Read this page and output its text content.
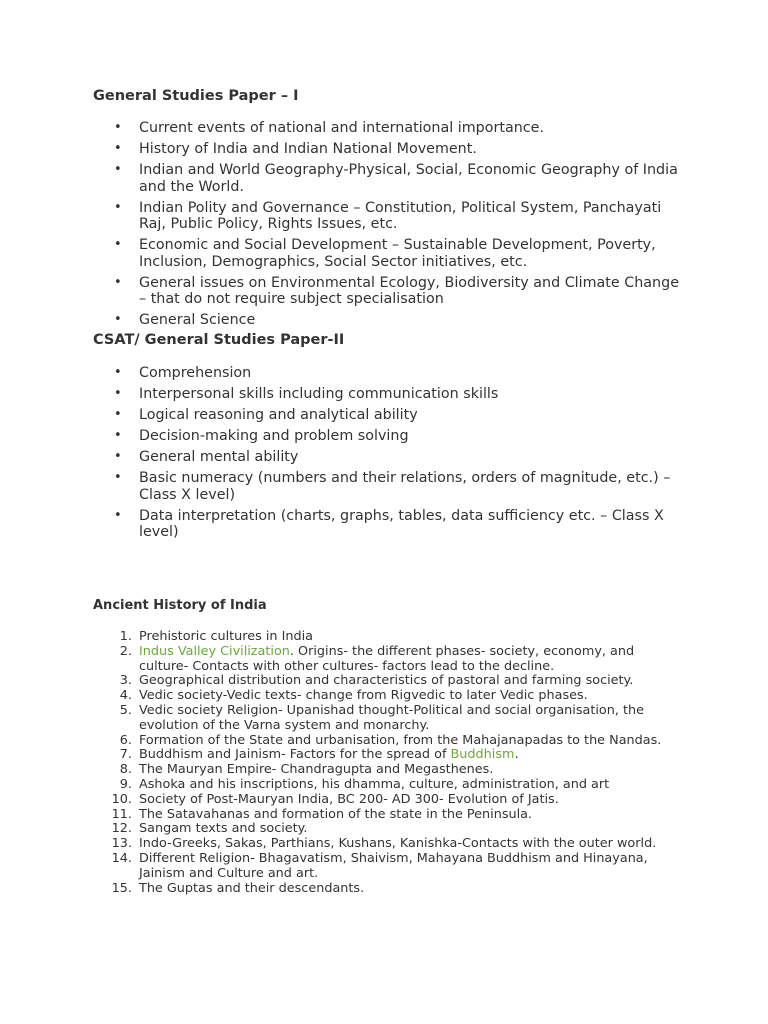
General Studies Paper – I
• Current events of national and international importance.
• History of India and Indian National Movement.
• Indian and World Geography-Physical, Social, Economic Geography of India and the World.
• Indian Polity and Governance – Constitution, Political System, Panchayati Raj, Public Policy, Rights Issues, etc.
• Economic and Social Development – Sustainable Development, Poverty, Inclusion, Demographics, Social Sector initiatives, etc.
• General issues on Environmental Ecology, Biodiversity and Climate Change – that do not require subject specialisation
• General Science
CSAT/ General Studies Paper-II
• Comprehension
• Interpersonal skills including communication skills
• Logical reasoning and analytical ability
• Decision-making and problem solving
• General mental ability
• Basic numeracy (numbers and their relations, orders of magnitude, etc.) – Class X level)
• Data interpretation (charts, graphs, tables, data sufficiency etc. – Class X level)
Ancient History of India
1. Prehistoric cultures in India
2. Indus Valley Civilization. Origins- the different phases- society, economy, and culture- Contacts with other cultures- factors lead to the decline.
3. Geographical distribution and characteristics of pastoral and farming society.
4. Vedic society-Vedic texts- change from Rigvedic to later Vedic phases.
5. Vedic society Religion- Upanishad thought-Political and social organisation, the evolution of the Varna system and monarchy.
6. Formation of the State and urbanisation, from the Mahajanapadas to the Nandas.
7. Buddhism and Jainism- Factors for the spread of Buddhism.
8. The Mauryan Empire- Chandragupta and Megasthenes.
9. Ashoka and his inscriptions, his dhamma, culture, administration, and art
10. Society of Post-Mauryan India, BC 200- AD 300- Evolution of Jatis.
11. The Satavahanas and formation of the state in the Peninsula.
12. Sangam texts and society.
13. Indo-Greeks, Sakas, Parthians, Kushans, Kanishka-Contacts with the outer world.
14. Different Religion- Bhagavatism, Shaivism, Mahayana Buddhism and Hinayana, Jainism and Culture and art.
15. The Guptas and their descendants.
